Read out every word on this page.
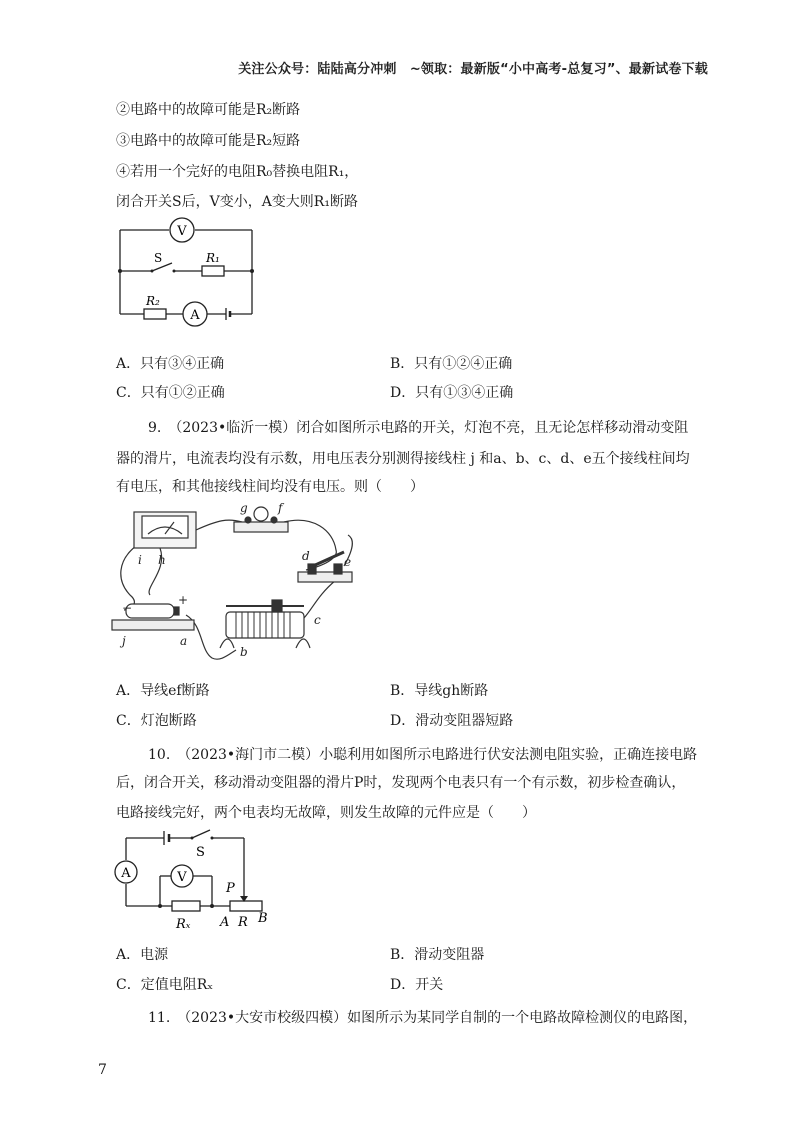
关注公众号：陆陆高分冲刺　~领取：最新版“小中高考-总复习”、最新试卷下载
②电路中的故障可能是R₂断路
③电路中的故障可能是R₂短路
④若用一个完好的电阻R₀替换电阻R₁，
闭合开关S后，V变小，A变大则R₁断路
V
A
S	R₁
R₂
A．只有③④正确	B．只有①②④正确
C．只有①②正确	D．只有①③④正确
9.　（2023•临沂一模）闭合如图所示电路的开关，灯泡不亮，且无论怎样移动滑动变阻
器的滑片，电流表均没有示数，用电压表分别测得接线柱 j 和a、b、c、d、e五个接线柱间均
有电压，和其他接线柱间均没有电压。则（　　）
g	f
d	e
i h
j	a
b
c
−
+
A．导线ef断路	B．导线gh断路
C．灯泡断路	D．滑动变阻器短路
10.　（2023•海门市二模）小聪利用如图所示电路进行伏安法测电阻实验，正确连接电路
后，闭合开关，移动滑动变阻器的滑片P时，发现两个电表只有一个有示数，初步检查确认，
电路接线完好，两个电表均无故障，则发生故障的元件应是（　　）
A	V
S
P
Rₓ A R B
A．电源	B．滑动变阻器
C．定值电阻Rₓ	D．开关
11.　（2023•大安市校级四模）如图所示为某同学自制的一个电路故障检测仪的电路图，
7
